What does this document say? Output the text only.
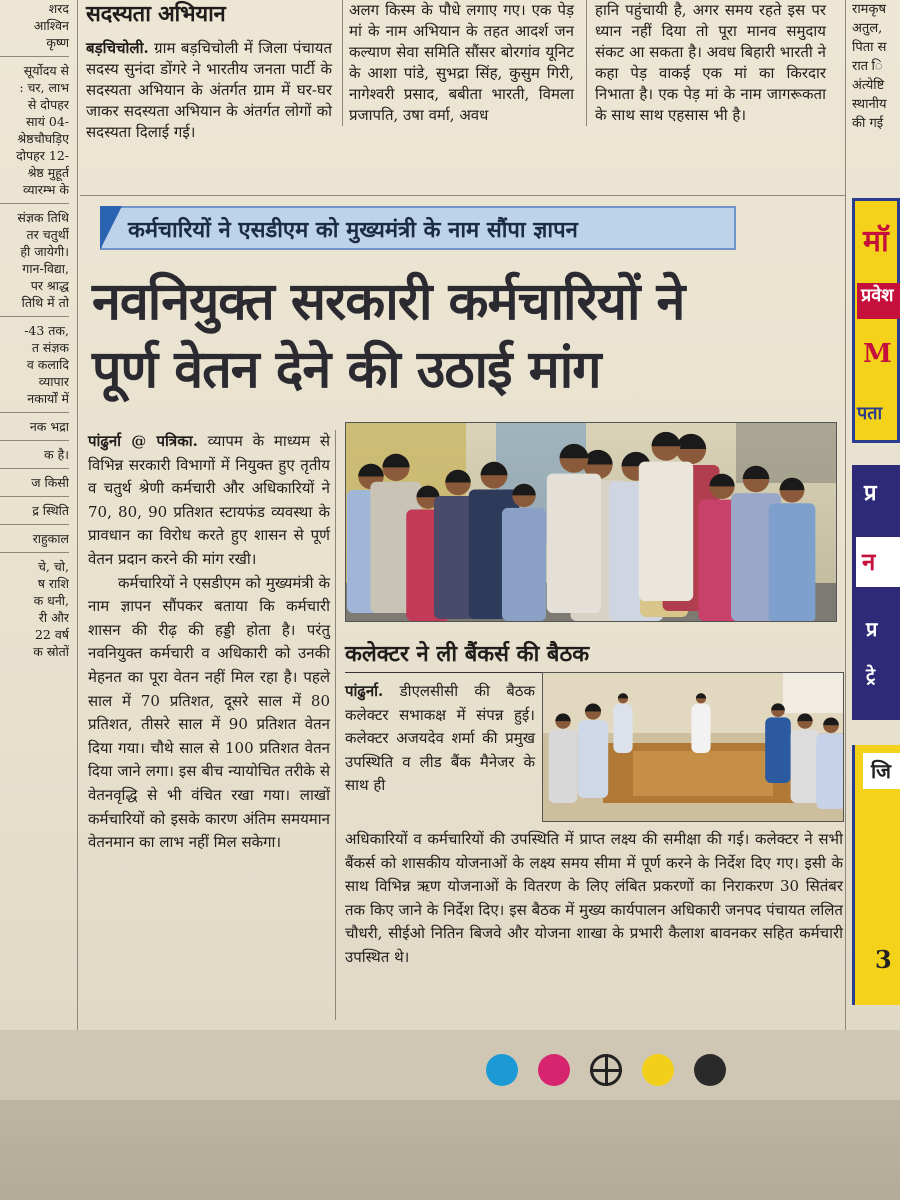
शरद
आश्विन
कृष्ण
सूर्योदय से
: चर, लाभ
से दोपहर
सायं 04-
श्रेष्ठचौघड़िए
दोपहर 12-
श्रेष्ठ मुहूर्त
व्यारम्भ के
संज्ञक तिथि
तर चतुर्थी
ही जायेगी।
गान-विद्या,
पर श्राद्ध
तिथि में तो
-43 तक,
त संज्ञक
व कलादि
व्यापार
नकार्यों में
नक भद्रा
क है।
ज किसी
द्र स्थिति
राहुकाल
चे, चो,
ष राशि
क धनी,
री और
22 वर्ष
क स्रोतों
सदस्यता अभियान

बड़चिचोली. ग्राम बड़चिचोली में जिला पंचायत सदस्य सुनंदा डोंगरे ने भारतीय जनता पार्टी के सदस्यता अभियान के अंतर्गत ग्राम में घर-घर जाकर सदस्यता अभियान के अंतर्गत लोगों को सदस्यता दिलाई गई।

अलग किस्म के पौधे लगाए गए। एक पेड़ मां के नाम अभियान के तहत आदर्श जन कल्याण सेवा समिति सौंसर बोरगांव यूनिट के आशा पांडे, सुभद्रा सिंह, कुसुम गिरी, नागेश्वरी प्रसाद, बबीता भारती, विमला प्रजापति, उषा वर्मा, अवध

हानि पहुंचायी है, अगर समय रहते इस पर ध्यान नहीं दिया तो पूरा मानव समुदाय संकट आ सकता है। अवध बिहारी भारती ने कहा पेड़ वाकई एक मां का किरदार निभाता है। एक पेड़ मां के नाम जागरूकता के साथ साथ एहसास भी है।

रामकृष
अतुल,
पिता स
रात ि
अंत्येष्टि
स्थानीय
की गई
मॉ
प्रवेश
M
पता
प्र
न
प्र
ट्रे
जि
3
कर्मचारियों ने एसडीएम को मुख्यमंत्री के नाम सौंपा ज्ञापन
नवनियुक्त सरकारी कर्मचारियों ने
पूर्ण वेतन देने की उठाई मांग

पांढुर्ना @ पत्रिका. व्यापम के माध्यम से विभिन्न सरकारी विभागों में नियुक्त हुए तृतीय व चतुर्थ श्रेणी कर्मचारी और अधिकारियों ने 70, 80, 90 प्रतिशत स्टायफंड व्यवस्था के प्रावधान का विरोध करते हुए शासन से पूर्ण वेतन प्रदान करने की मांग रखी।

कर्मचारियों ने एसडीएम को मुख्यमंत्री के नाम ज्ञापन सौंपकर बताया कि कर्मचारी शासन की रीढ़ की हड्डी होता है। परंतु नवनियुक्त कर्मचारी व अधिकारी को उनकी मेहनत का पूरा वेतन नहीं मिल रहा है। पहले साल में 70 प्रतिशत, दूसरे साल में 80 प्रतिशत, तीसरे साल में 90 प्रतिशत वेतन दिया गया। चौथे साल से 100 प्रतिशत वेतन दिया जाने लगा। इस बीच न्यायोचित तरीके से वेतनवृद्धि से भी वंचित रखा गया। लाखों कर्मचारियों को इसके कारण अंतिम समयमान वेतनमान का लाभ नहीं मिल सकेगा।

कलेक्टर ने ली बैंकर्स की बैठक
पांढुर्ना. डीएलसीसी की बैठक कलेक्टर सभाकक्ष में संपन्न हुई। कलेक्टर अजयदेव शर्मा की प्रमुख उपस्थिति व लीड बैंक मैनेजर के साथ ही
अधिकारियों व कर्मचारियों की उपस्थिति में प्राप्त लक्ष्य की समीक्षा की गई। कलेक्टर ने सभी बैंकर्स को शासकीय योजनाओं के लक्ष्य समय सीमा में पूर्ण करने के निर्देश दिए गए। इसी के साथ विभिन्न ऋण योजनाओं के वितरण के लिए लंबित प्रकरणों का निराकरण 30 सितंबर तक किए जाने के निर्देश दिए। इस बैठक में मुख्य कार्यपालन अधिकारी जनपद पंचायत ललित चौधरी, सीईओ नितिन बिजवे और योजना शाखा के प्रभारी कैलाश बावनकर सहित कर्मचारी उपस्थित थे।
